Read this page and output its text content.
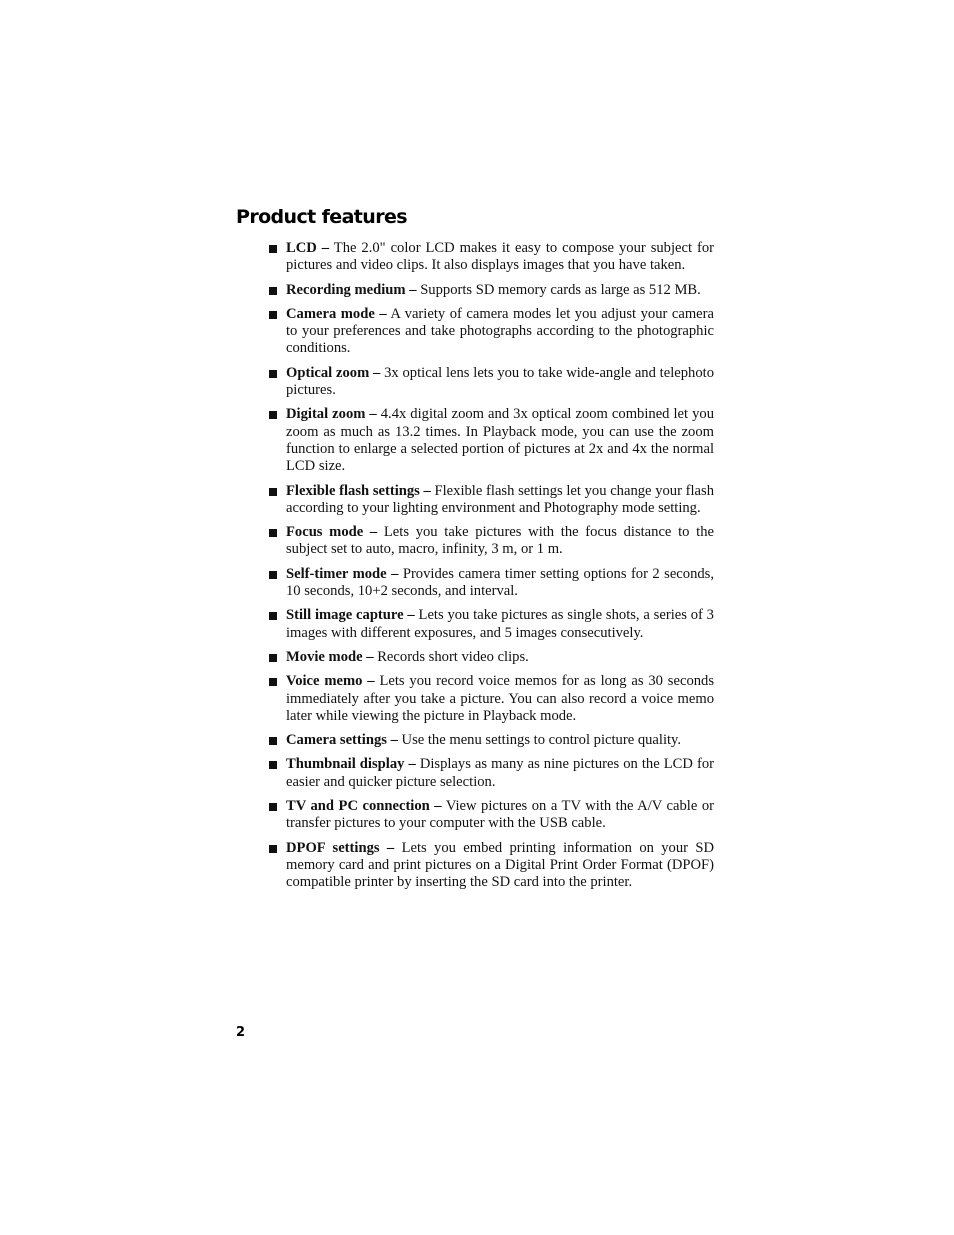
Product features
LCD – The 2.0" color LCD makes it easy to compose your subject for pictures and video clips. It also displays images that you have taken.
Recording medium – Supports SD memory cards as large as 512 MB.
Camera mode – A variety of camera modes let you adjust your camera to your preferences and take photographs according to the photographic conditions.
Optical zoom – 3x optical lens lets you to take wide-angle and telephoto pictures.
Digital zoom – 4.4x digital zoom and 3x optical zoom combined let you zoom as much as 13.2 times. In Playback mode, you can use the zoom function to enlarge a selected portion of pictures at 2x and 4x the normal LCD size.
Flexible flash settings – Flexible flash settings let you change your flash according to your lighting environment and Photography mode setting.
Focus mode – Lets you take pictures with the focus distance to the subject set to auto, macro, infinity, 3 m, or 1 m.
Self-timer mode – Provides camera timer setting options for 2 seconds, 10 seconds, 10+2 seconds, and interval.
Still image capture – Lets you take pictures as single shots, a series of 3 images with different exposures, and 5 images consecutively.
Movie mode – Records short video clips.
Voice memo – Lets you record voice memos for as long as 30 seconds immediately after you take a picture. You can also record a voice memo later while viewing the picture in Playback mode.
Camera settings – Use the menu settings to control picture quality.
Thumbnail display – Displays as many as nine pictures on the LCD for easier and quicker picture selection.
TV and PC connection – View pictures on a TV with the A/V cable or transfer pictures to your computer with the USB cable.
DPOF settings – Lets you embed printing information on your SD memory card and print pictures on a Digital Print Order Format (DPOF) compatible printer by inserting the SD card into the printer.
2
